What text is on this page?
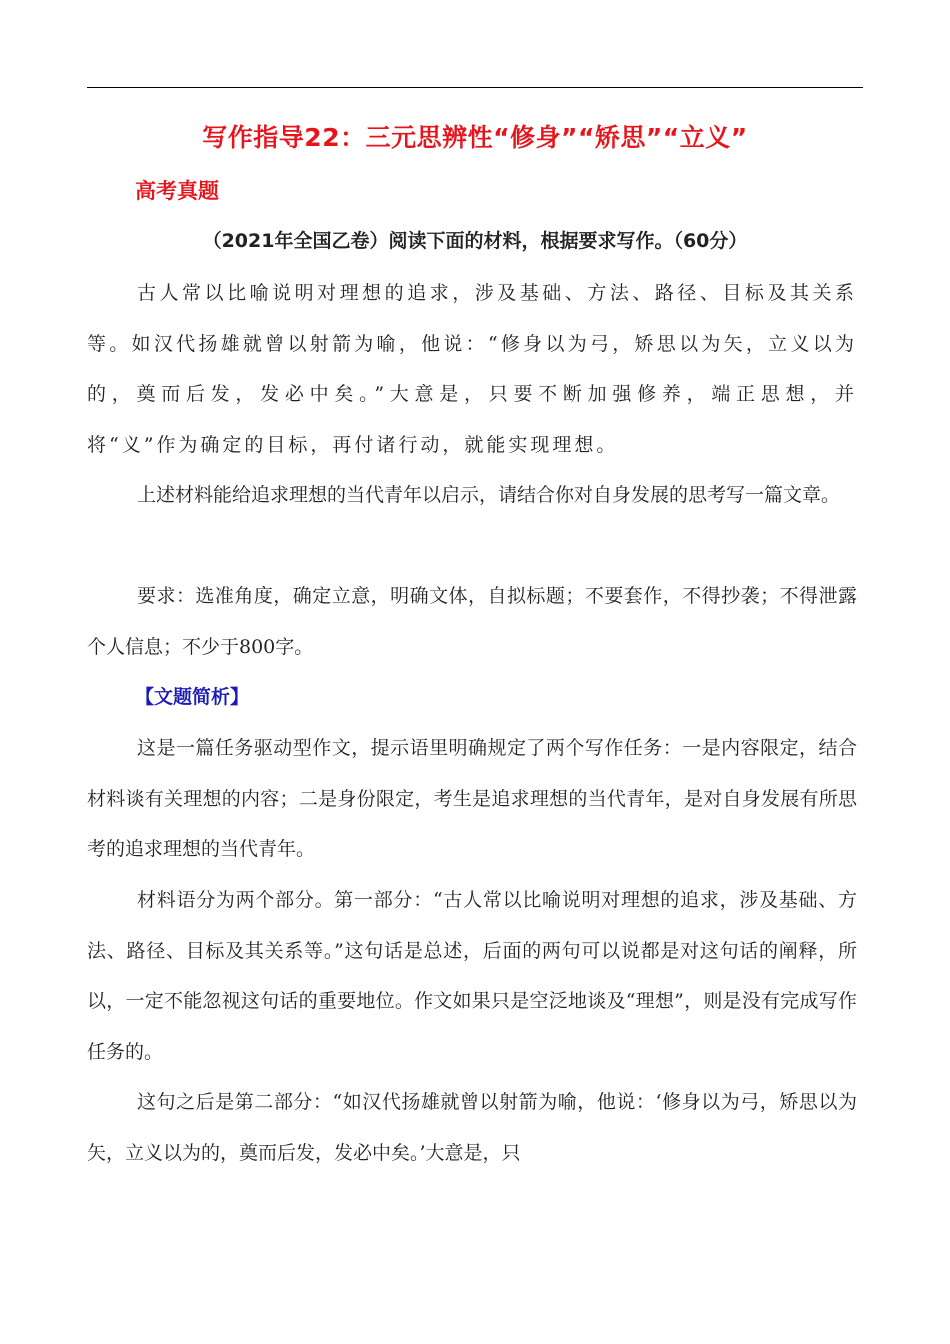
写作指导22：三元思辨性“修身”“矫思”“立义”
高考真题
（2021年全国乙卷）阅读下面的材料，根据要求写作。（60分）

古人常以比喻说明对理想的追求，涉及基础、方法、路径、目标及其关系等。如汉代扬雄就曾以射箭为喻，他说：“修身以为弓，矫思以为矢，立义以为的，奠而后发，发必中矣。”大意是，只要不断加强修养，端正思想，并将“义”作为确定的目标，再付诸行动，就能实现理想。

上述材料能给追求理想的当代青年以启示，请结合你对自身发展的思考写一篇文章。

要求：选准角度，确定立意，明确文体，自拟标题；不要套作，不得抄袭；不得泄露个人信息；不少于800字。

【文题简析】

这是一篇任务驱动型作文，提示语里明确规定了两个写作任务：一是内容限定，结合材料谈有关理想的内容；二是身份限定，考生是追求理想的当代青年，是对自身发展有所思考的追求理想的当代青年。

材料语分为两个部分。第一部分：“古人常以比喻说明对理想的追求，涉及基础、方法、路径、目标及其关系等。”这句话是总述，后面的两句可以说都是对这句话的阐释，所以，一定不能忽视这句话的重要地位。作文如果只是空泛地谈及“理想”，则是没有完成写作任务的。

这句之后是第二部分：“如汉代扬雄就曾以射箭为喻，他说：‘修身以为弓，矫思以为矢，立义以为的，奠而后发，发必中矣。’大意是，只
